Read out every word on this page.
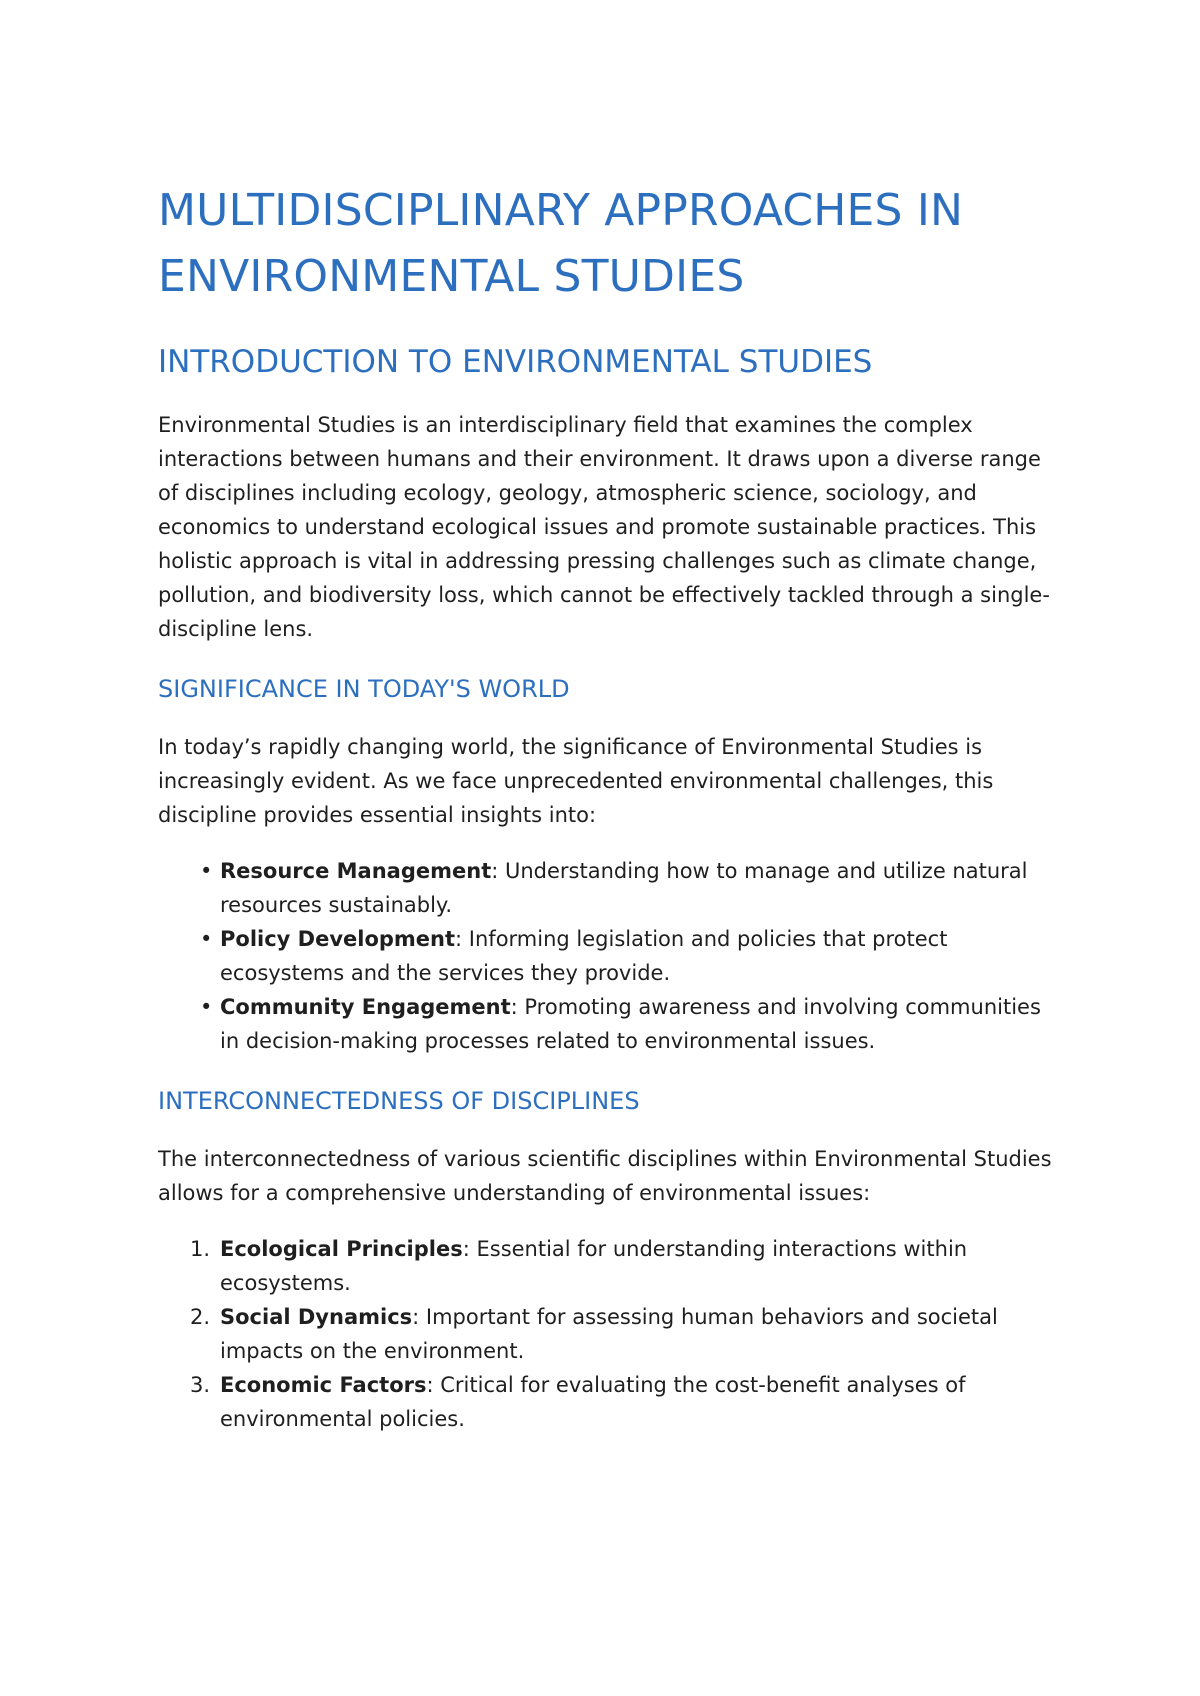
MULTIDISCIPLINARY APPROACHES IN ENVIRONMENTAL STUDIES
INTRODUCTION TO ENVIRONMENTAL STUDIES

Environmental Studies is an interdisciplinary field that examines the complex interactions between humans and their environment. It draws upon a diverse range of disciplines including ecology, geology, atmospheric science, sociology, and economics to understand ecological issues and promote sustainable practices. This holistic approach is vital in addressing pressing challenges such as climate change, pollution, and biodiversity loss, which cannot be effectively tackled through a single-discipline lens.

SIGNIFICANCE IN TODAY'S WORLD

In today’s rapidly changing world, the significance of Environmental Studies is increasingly evident. As we face unprecedented environmental challenges, this discipline provides essential insights into:

• Resource Management: Understanding how to manage and utilize natural resources sustainably.
• Policy Development: Informing legislation and policies that protect ecosystems and the services they provide.
• Community Engagement: Promoting awareness and involving communities in decision-making processes related to environmental issues.
INTERCONNECTEDNESS OF DISCIPLINES

The interconnectedness of various scientific disciplines within Environmental Studies allows for a comprehensive understanding of environmental issues:

1. Ecological Principles: Essential for understanding interactions within ecosystems.
2. Social Dynamics: Important for assessing human behaviors and societal impacts on the environment.
3. Economic Factors: Critical for evaluating the cost-benefit analyses of environmental policies.
